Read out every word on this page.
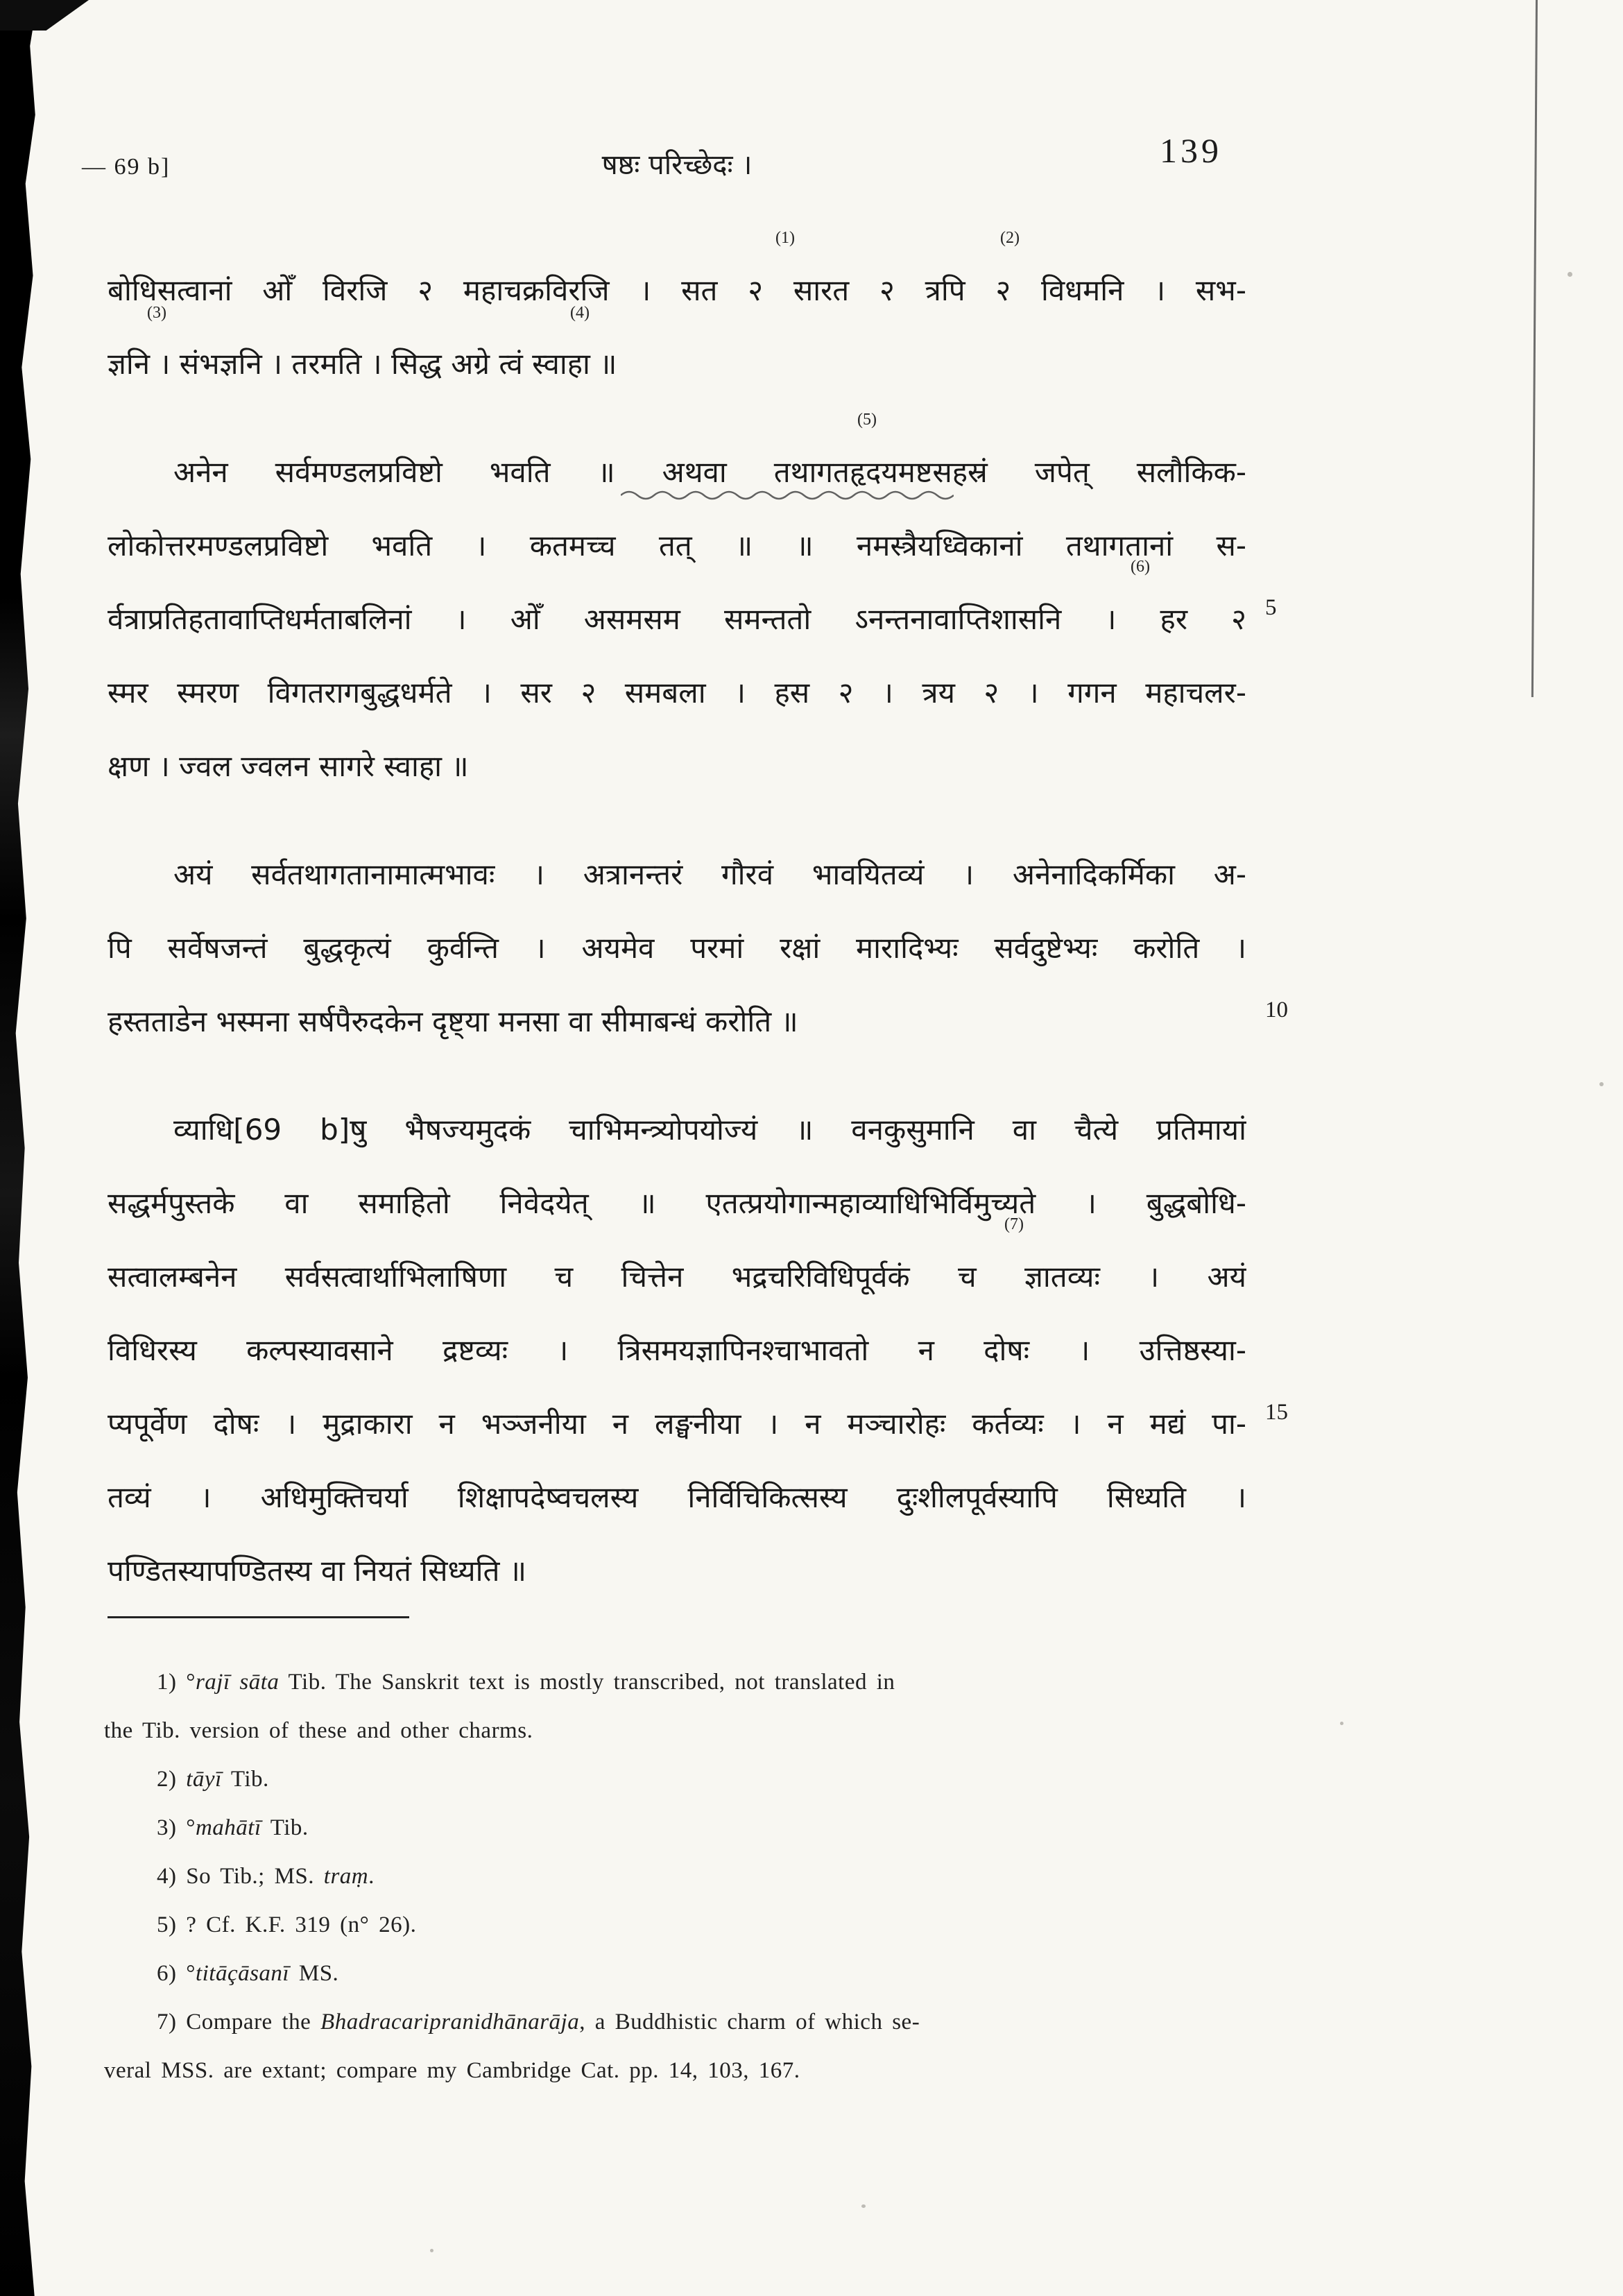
— 69 b]	षष्ठः परिच्छेदः ।	139
बोधिसत्वानां ओँ विरजि २ महाचक्रविरजि । सत २ सारत २ त्रपि २ विधमनि । सभ-
ज्ञनि । संभज्ञनि । तरमति । सिद्ध अग्रे त्वं स्वाहा ॥
अनेन सर्वमण्डलप्रविष्टो भवति ॥ अथवा तथागतहृदयमष्टसहस्रं जपेत् सलौकिक-
लोकोत्तरमण्डलप्रविष्टो भवति । कतमच्च तत् ॥ ॥ नमस्त्रैयध्विकानां तथागतानां स-
र्वत्राप्रतिहतावाप्तिधर्मताबलिनां । ओँ असमसम समन्ततो ऽनन्तनावाप्तिशासनि । हर २
स्मर स्मरण विगतरागबुद्धधर्मते । सर २ समबला । हस २ । त्रय २ । गगन महाचलर-
क्षण । ज्वल ज्वलन सागरे स्वाहा ॥
अयं सर्वतथागतानामात्मभावः । अत्रानन्तरं गौरवं भावयितव्यं । अनेनादिकर्मिका अ-
पि सर्वेषजन्तं बुद्धकृत्यं कुर्वन्ति । अयमेव परमां रक्षां मारादिभ्यः सर्वदुष्टेभ्यः करोति ।
हस्तताडेन भस्मना सर्षपैरुदकेन दृष्ट्या मनसा वा सीमाबन्धं करोति ॥
व्याधि[69 b]षु भैषज्यमुदकं चाभिमन्त्र्योपयोज्यं ॥ वनकुसुमानि वा चैत्ये प्रतिमायां
सद्धर्मपुस्तके वा समाहितो निवेदयेत् ॥ एतत्प्रयोगान्महाव्याधिभिर्विमुच्यते । बुद्धबोधि-
सत्वालम्बनेन सर्वसत्वार्थाभिलाषिणा च चित्तेन भद्रचरिविधिपूर्वकं च ज्ञातव्यः । अयं
विधिरस्य कल्पस्यावसाने द्रष्टव्यः । त्रिसमयज्ञापिनश्चाभावतो न दोषः । उत्तिष्ठस्या-
प्यपूर्वेण दोषः । मुद्राकारा न भञ्जनीया न लङ्घनीया । न मञ्चारोहः कर्तव्यः । न मद्यं पा-
तव्यं । अधिमुक्तिचर्या शिक्षापदेष्वचलस्य निर्विचिकित्सस्य दुःशीलपूर्वस्यापि सिध्यति ।
पण्डितस्यापण्डितस्य वा नियतं सिध्यति ॥
(1)	(2)
(3)	(4)
(5)
(6)
(7)
5
10
15
1) °rajī sāta Tib. The Sanskrit text is mostly transcribed, not translated in
the Tib. version of these and other charms.
2) tāyī Tib.
3) °mahātī Tib.
4) So Tib.; MS. traṃ.
5) ? Cf. K.F. 319 (n° 26).
6) °titāçāsanī MS.
7) Compare the Bhadracaripranidhānarāja, a Buddhistic charm of which se-
veral MSS. are extant; compare my Cambridge Cat. pp. 14, 103, 167.
